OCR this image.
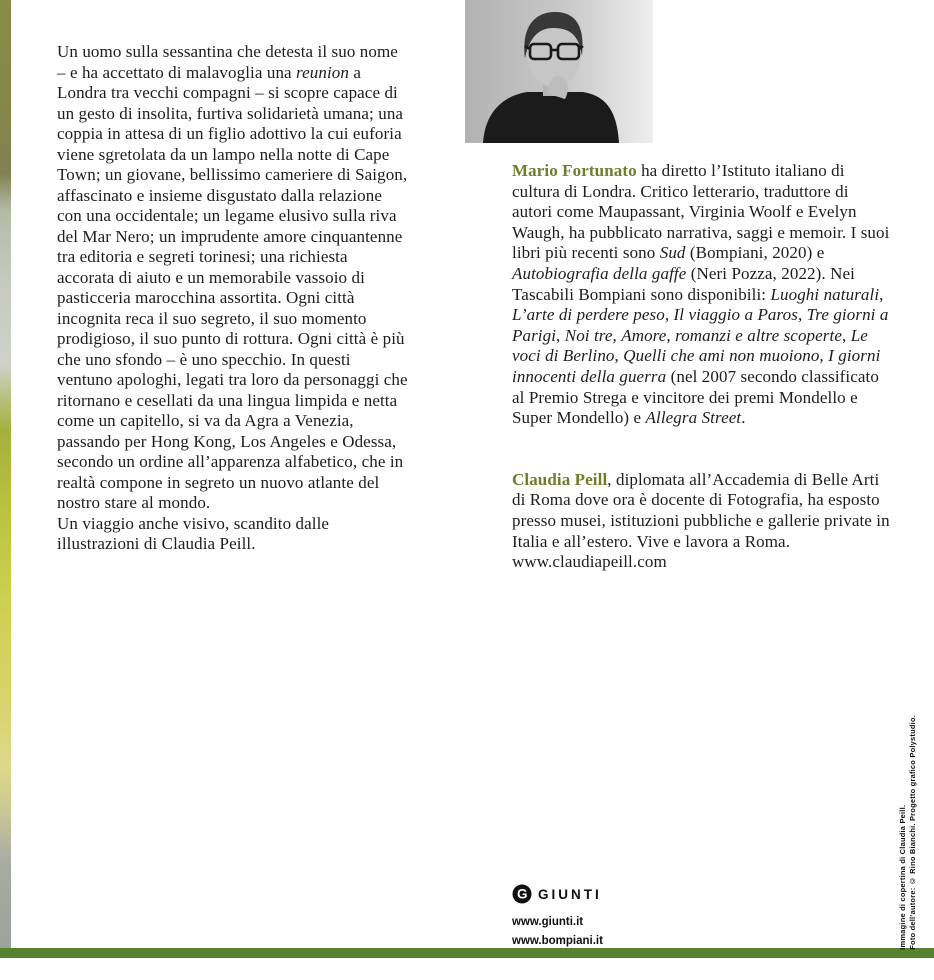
Un uomo sulla sessantina che detesta il suo nome – e ha accettato di malavoglia una reunion a Londra tra vecchi compagni – si scopre capace di un gesto di insolita, furtiva solidarietà umana; una coppia in attesa di un figlio adottivo la cui euforia viene sgretolata da un lampo nella notte di Cape Town; un giovane, bellissimo cameriere di Saigon, affascinato e insieme disgustato dalla relazione con una occidentale; un legame elusivo sulla riva del Mar Nero; un imprudente amore cinquantenne tra editoria e segreti torinesi; una richiesta accorata di aiuto e un memorabile vassoio di pasticceria marocchina assortita. Ogni città incognita reca il suo segreto, il suo momento prodigioso, il suo punto di rottura. Ogni città è più che uno sfondo – è uno specchio. In questi ventuno apologhi, legati tra loro da personaggi che ritornano e cesellati da una lingua limpida e netta come un capitello, si va da Agra a Venezia, passando per Hong Kong, Los Angeles e Odessa, secondo un ordine all’apparenza alfabetico, che in realtà compone in segreto un nuovo atlante del nostro stare al mondo.
Un viaggio anche visivo, scandito dalle illustrazioni di Claudia Peill.
Mario Fortunato ha diretto l’Istituto italiano di cultura di Londra. Critico letterario, traduttore di autori come Maupassant, Virginia Woolf e Evelyn Waugh, ha pubblicato narrativa, saggi e memoir. I suoi libri più recenti sono Sud (Bompiani, 2020) e Autobiografia della gaffe (Neri Pozza, 2022). Nei Tascabili Bompiani sono disponibili: Luoghi naturali, L’arte di perdere peso, Il viaggio a Paros, Tre giorni a Parigi, Noi tre, Amore, romanzi e altre scoperte, Le voci di Berlino, Quelli che ami non muoiono, I giorni innocenti della guerra (nel 2007 secondo classificato al Premio Strega e vincitore dei premi Mondello e Super Mondello) e Allegra Street.
Claudia Peill, diplomata all’Accademia di Belle Arti di Roma dove ora è docente di Fotografia, ha esposto presso musei, istituzioni pubbliche e gallerie private in Italia e all’estero. Vive e lavora a Roma. www.claudiapeill.com
G GIUNTI
www.giunti.it
www.bompiani.it	Immagine di copertina di Claudia Peill. Foto dell’autore: © Rino Bianchi. Progetto grafico Polystudio.
